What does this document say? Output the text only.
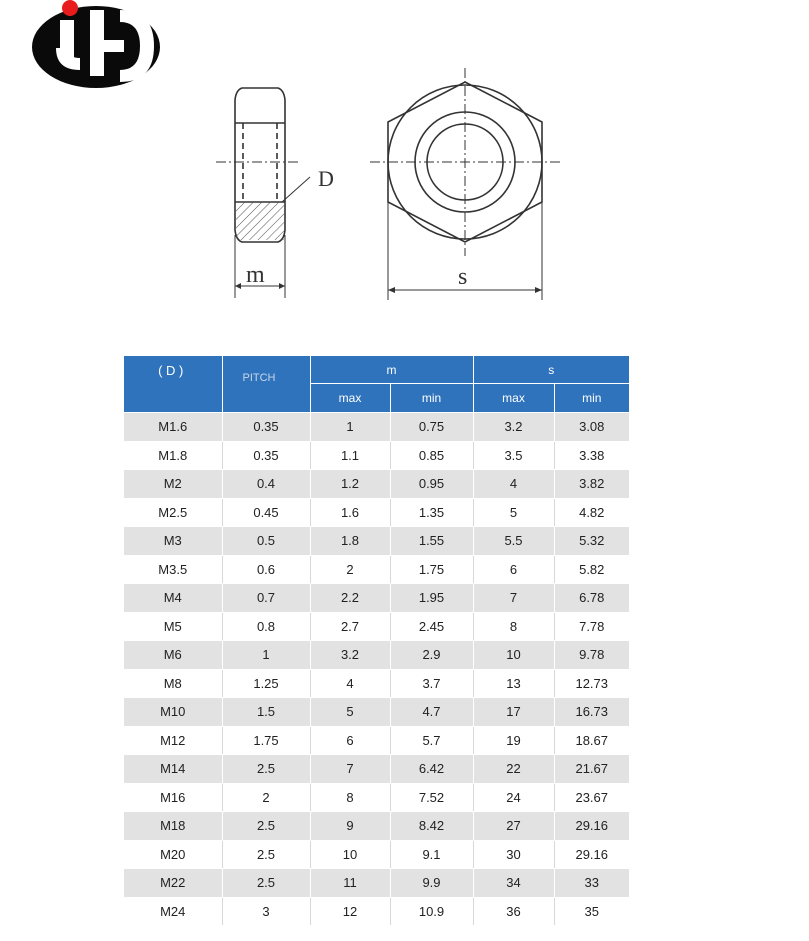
D
m	s
( D )	PITCH	m		s	
		max	min	max	min
M1.6	0.35	1	0.75	3.2	3.08
M1.8	0.35	1.1	0.85	3.5	3.38
M2	0.4	1.2	0.95	4	3.82
M2.5	0.45	1.6	1.35	5	4.82
M3	0.5	1.8	1.55	5.5	5.32
M3.5	0.6	2	1.75	6	5.82
M4	0.7	2.2	1.95	7	6.78
M5	0.8	2.7	2.45	8	7.78
M6	1	3.2	2.9	10	9.78
M8	1.25	4	3.7	13	12.73
M10	1.5	5	4.7	17	16.73
M12	1.75	6	5.7	19	18.67
M14	2.5	7	6.42	22	21.67
M16	2	8	7.52	24	23.67
M18	2.5	9	8.42	27	29.16
M20	2.5	10	9.1	30	29.16
M22	2.5	11	9.9	34	33
M24	3	12	10.9	36	35
